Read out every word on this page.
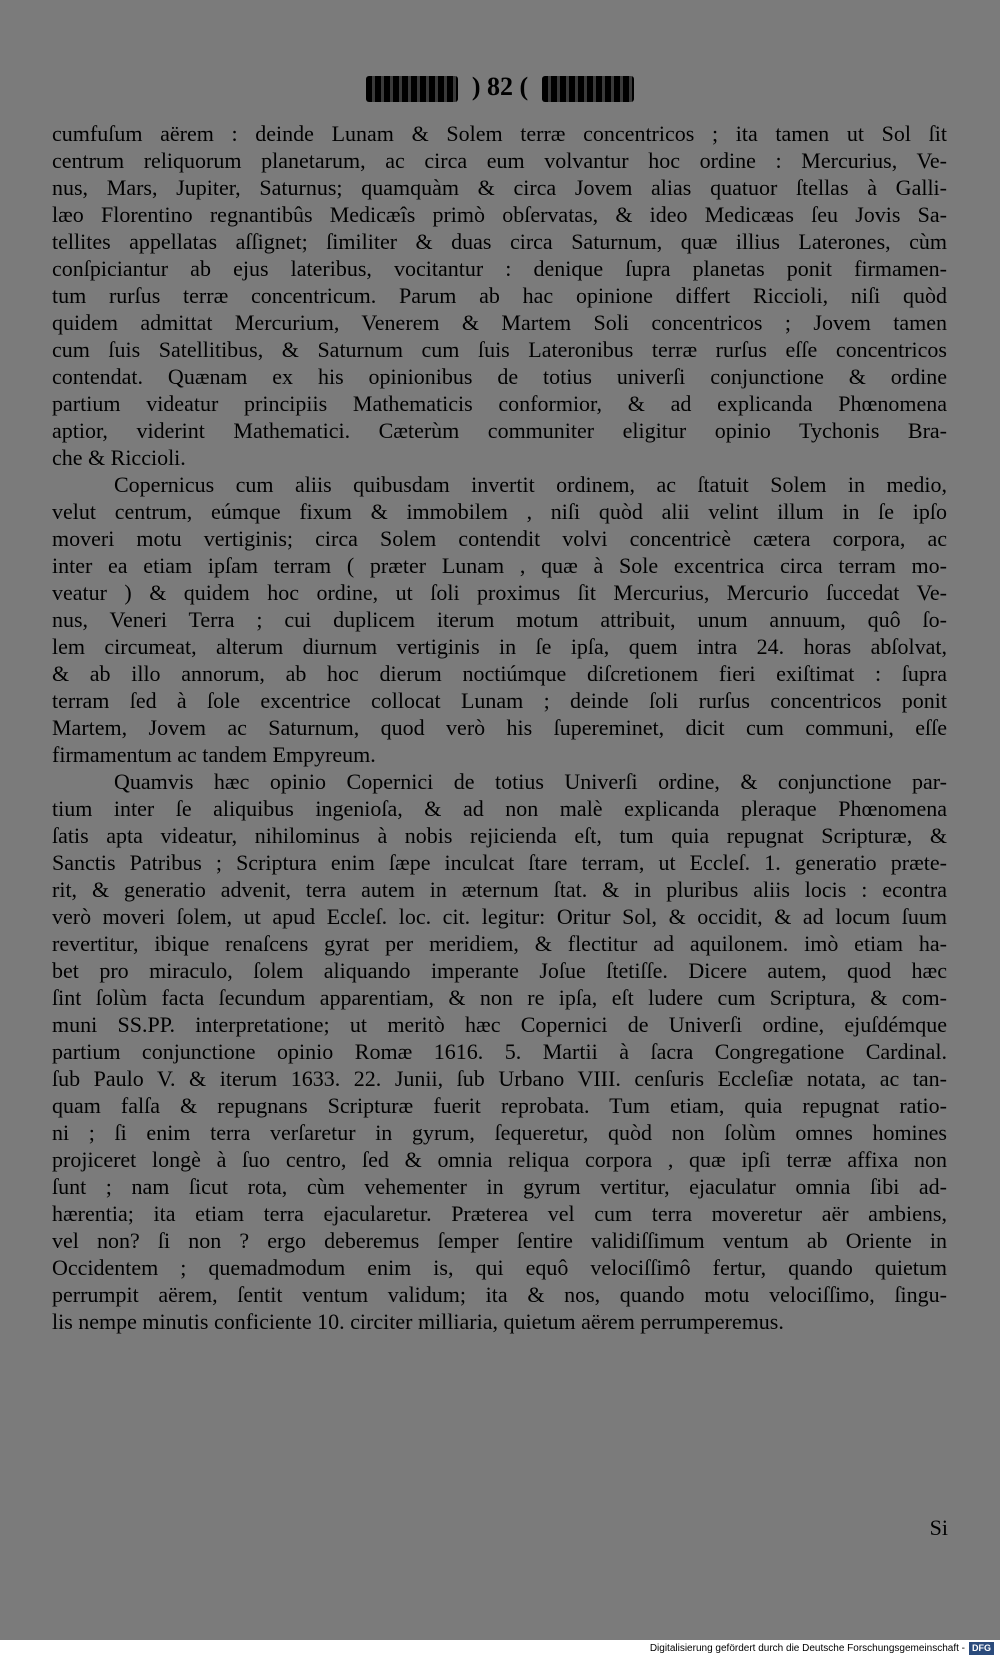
) 82 (
cumfuſum aërem : deinde Lunam & Solem terræ concentricos ; ita tamen ut Sol ſit
centrum reliquorum planetarum, ac circa eum volvantur hoc ordine : Mercurius, Ve-
nus, Mars, Jupiter, Saturnus; quamquàm & circa Jovem alias quatuor ſtellas à Galli-
læo Florentino regnantibûs Medicæîs primò obſervatas, & ideo Medicæas ſeu Jovis Sa-
tellites appellatas aſſignet; ſimiliter & duas circa Saturnum, quæ illius Laterones, cùm
conſpiciantur ab ejus lateribus, vocitantur : denique ſupra planetas ponit firmamen-
tum rurſus terræ concentricum. Parum ab hac opinione differt Riccioli, niſi quòd
quidem admittat Mercurium, Venerem & Martem Soli concentricos ; Jovem tamen
cum ſuis Satellitibus, & Saturnum cum ſuis Lateronibus terræ rurſus eſſe concentricos
contendat. Quænam ex his opinionibus de totius univerſi conjunctione & ordine
partium videatur principiis Mathematicis conformior, & ad explicanda Phœnomena
aptior, viderint Mathematici. Cæterùm communiter eligitur opinio Tychonis Bra-
che & Riccioli.
Copernicus cum aliis quibusdam invertit ordinem, ac ſtatuit Solem in medio,
velut centrum, eúmque fixum & immobilem , niſi quòd alii velint illum in ſe ipſo
moveri motu vertiginis; circa Solem contendit volvi concentricè cætera corpora, ac
inter ea etiam ipſam terram ( præter Lunam , quæ à Sole excentrica circa terram mo-
veatur ) & quidem hoc ordine, ut ſoli proximus ſit Mercurius, Mercurio ſuccedat Ve-
nus, Veneri Terra ; cui duplicem iterum motum attribuit, unum annuum, quô ſo-
lem circumeat, alterum diurnum vertiginis in ſe ipſa, quem intra 24. horas abſolvat,
& ab illo annorum, ab hoc dierum noctiúmque diſcretionem fieri exiſtimat : ſupra
terram ſed à ſole excentrice collocat Lunam ; deinde ſoli rurſus concentricos ponit
Martem, Jovem ac Saturnum, quod verò his ſupereminet, dicit cum communi, eſſe
firmamentum ac tandem Empyreum.
Quamvis hæc opinio Copernici de totius Univerſi ordine, & conjunctione par-
tium inter ſe aliquibus ingenioſa, & ad non malè explicanda pleraque Phœnomena
ſatis apta videatur, nihilominus à nobis rejicienda eſt, tum quia repugnat Scripturæ, &
Sanctis Patribus ; Scriptura enim ſæpe inculcat ſtare terram, ut Eccleſ. 1. generatio præte-
rit, & generatio advenit, terra autem in æternum ſtat. & in pluribus aliis locis : econtra
verò moveri ſolem, ut apud Eccleſ. loc. cit. legitur: Oritur Sol, & occidit, & ad locum ſuum
revertitur, ibique renaſcens gyrat per meridiem, & flectitur ad aquilonem. imò etiam ha-
bet pro miraculo, ſolem aliquando imperante Joſue ſtetiſſe. Dicere autem, quod hæc
ſint ſolùm facta ſecundum apparentiam, & non re ipſa, eſt ludere cum Scriptura, & com-
muni SS.PP. interpretatione; ut meritò hæc Copernici de Univerſi ordine, ejuſdémque
partium conjunctione opinio Romæ 1616. 5. Martii à ſacra Congregatione Cardinal.
ſub Paulo V. & iterum 1633. 22. Junii, ſub Urbano VIII. cenſuris Eccleſiæ notata, ac tan-
quam falſa & repugnans Scripturæ fuerit reprobata. Tum etiam, quia repugnat ratio-
ni ; ſi enim terra verſaretur in gyrum, ſequeretur, quòd non ſolùm omnes homines
projiceret longè à ſuo centro, ſed & omnia reliqua corpora , quæ ipſi terræ affixa non
ſunt ; nam ſicut rota, cùm vehementer in gyrum vertitur, ejaculatur omnia ſibi ad-
hærentia; ita etiam terra ejacularetur. Præterea vel cum terra moveretur aër ambiens,
vel non? ſi non ? ergo deberemus ſemper ſentire validiſſimum ventum ab Oriente in
Occidentem ; quemadmodum enim is, qui equô velociſſimô fertur, quando quietum
perrumpit aërem, ſentit ventum validum; ita & nos, quando motu velociſſimo, ſingu-
lis nempe minutis conficiente 10. circiter milliaria, quietum aërem perrumperemus.
Si
Digitalisierung gefördert durch die Deutsche Forschungsgemeinschaft - DFG
